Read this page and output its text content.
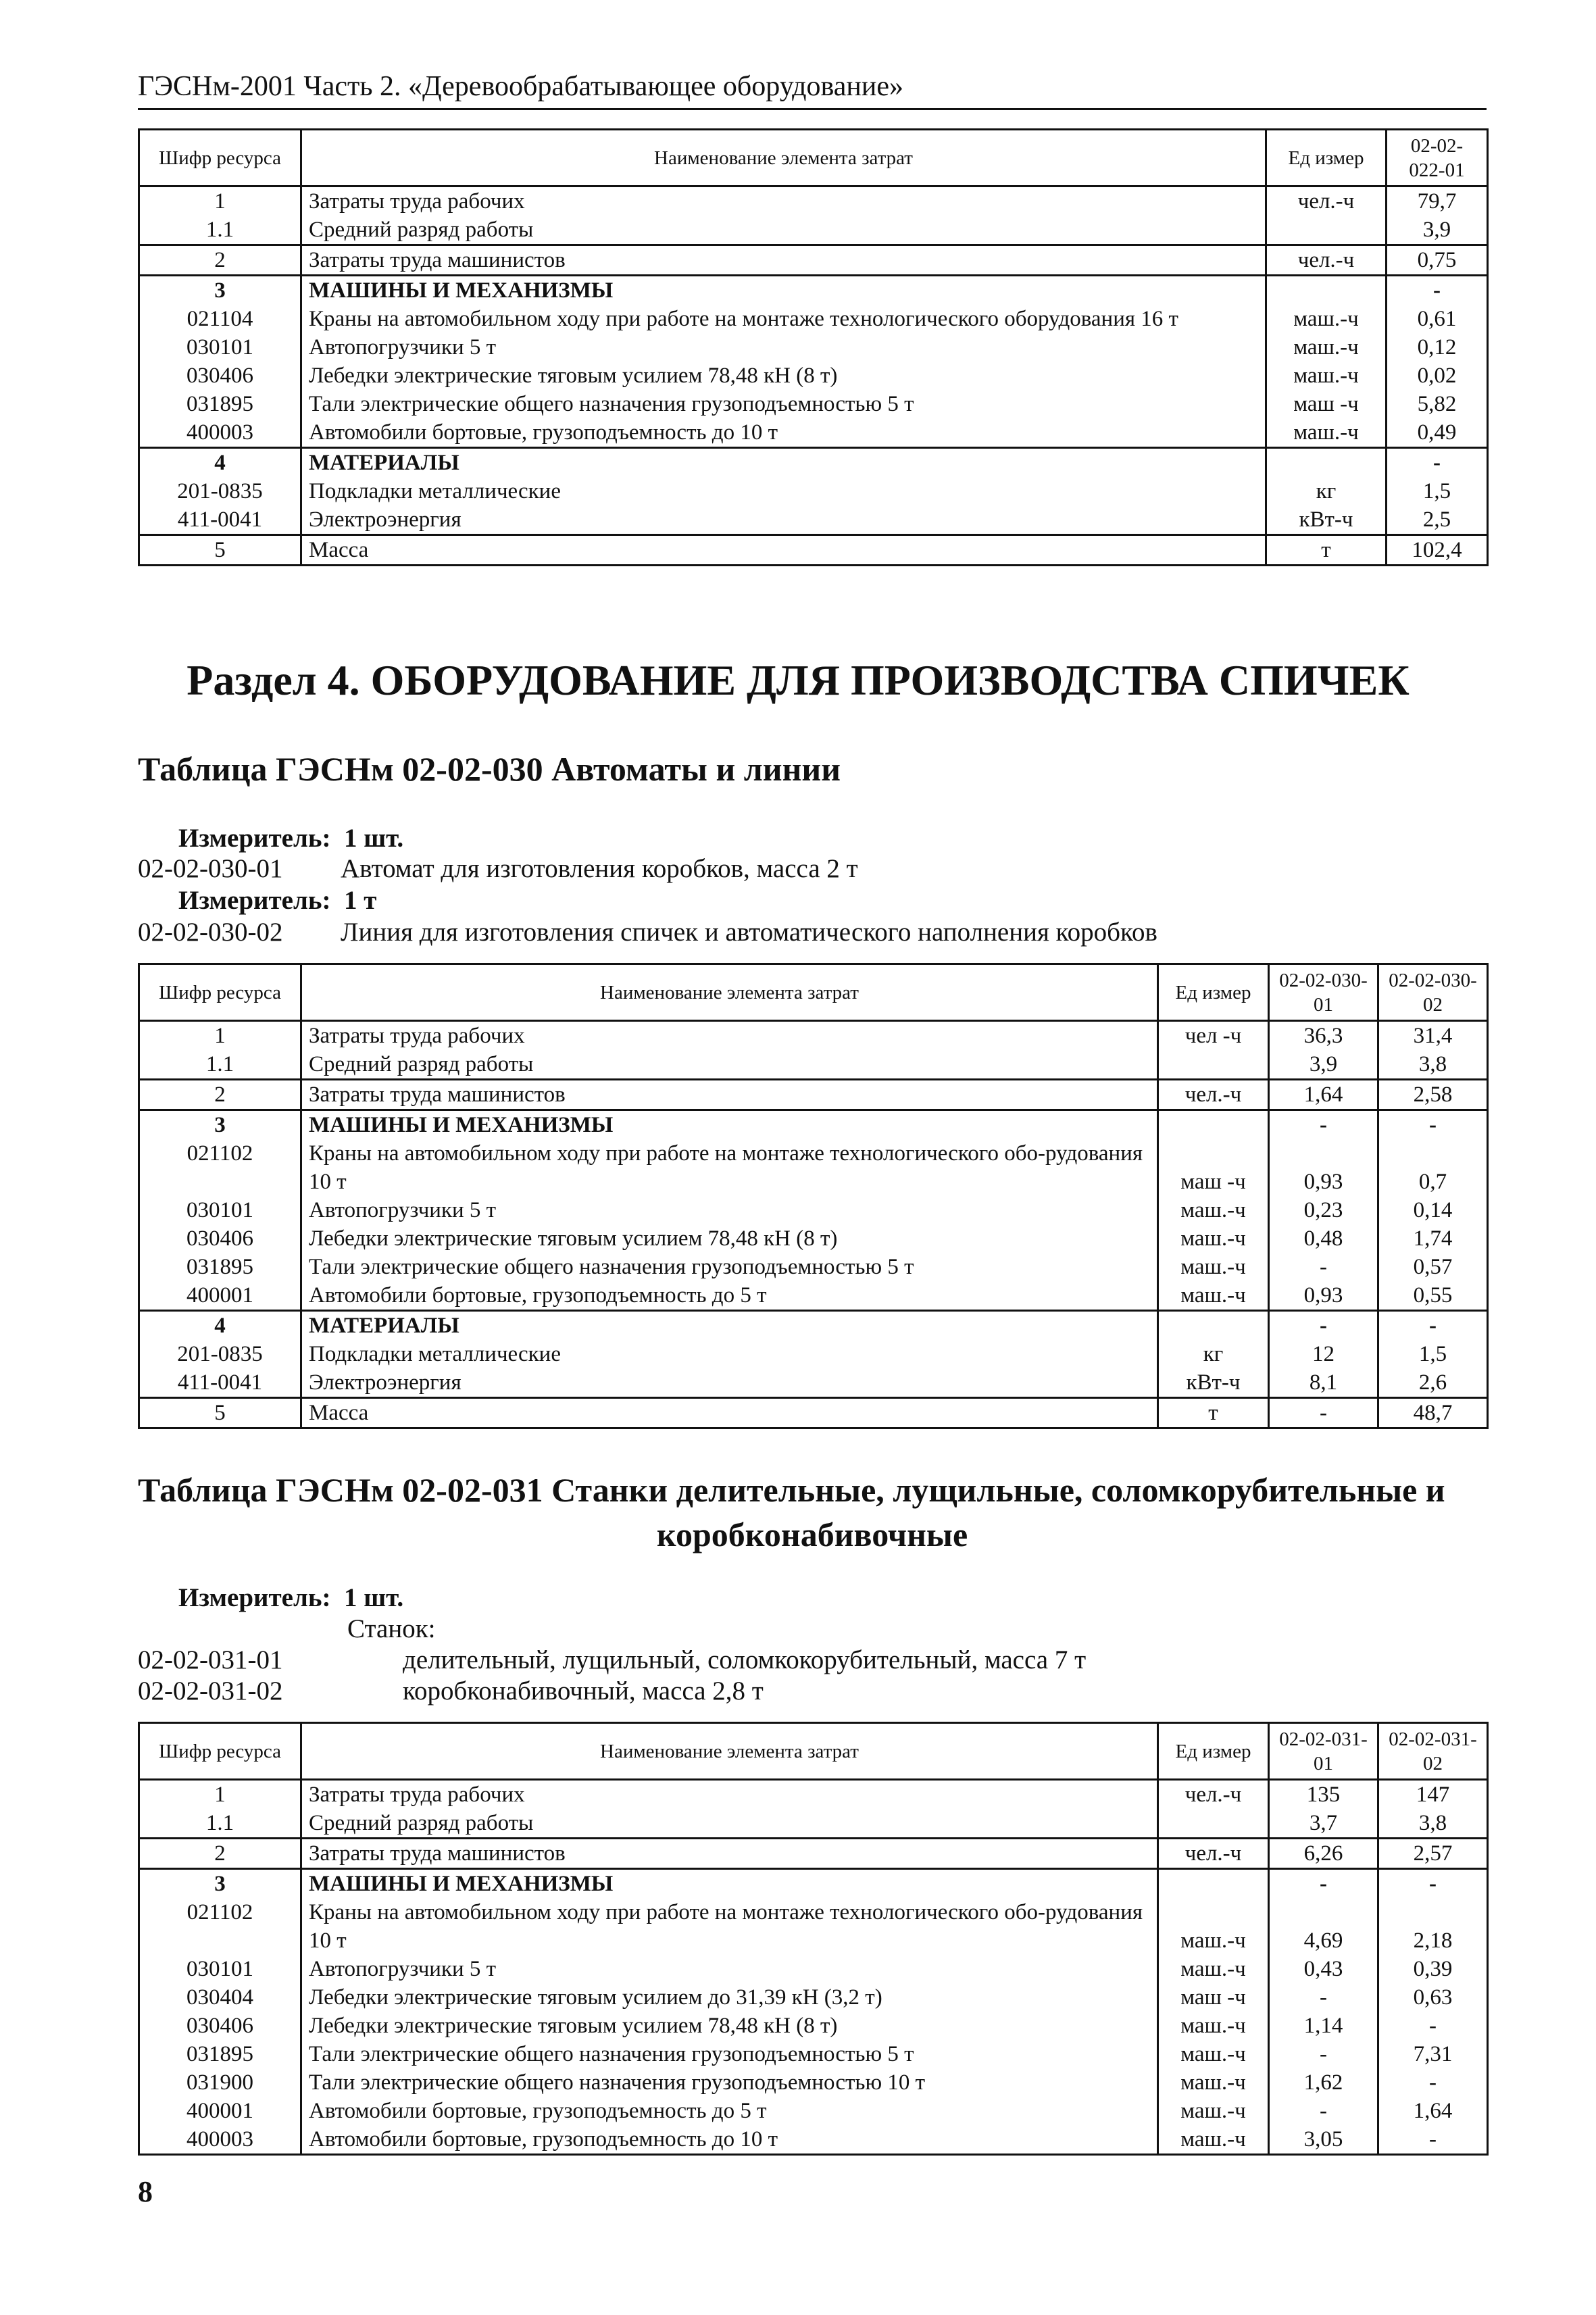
ГЭСНм-2001 Часть 2. «Деревообрабатывающее оборудование»
Шифр ресурса	Наименование элемента затрат	Ед измер	02-02-022-01
1	Затраты труда рабочих	чел.-ч	79,7
1.1	Средний разряд работы		3,9
2	Затраты труда машинистов	чел.-ч	0,75
3	МАШИНЫ И МЕХАНИЗМЫ		-
021104	Краны на автомобильном ходу при работе на монтаже технологического оборудования 16 т	маш.-ч	0,61
030101	Автопогрузчики 5 т	маш.-ч	0,12
030406	Лебедки электрические тяговым усилием 78,48 кН (8 т)	маш.-ч	0,02
031895	Тали электрические общего назначения грузоподъемностью 5 т	маш -ч	5,82
400003	Автомобили бортовые, грузоподъемность до 10 т	маш.-ч	0,49
4	МАТЕРИАЛЫ		-
201-0835	Подкладки металлические	кг	1,5
411-0041	Электроэнергия	кВт-ч	2,5
5	Масса	т	102,4
Раздел 4. ОБОРУДОВАНИЕ ДЛЯ ПРОИЗВОДСТВА СПИЧЕК
Таблица ГЭСНм 02-02-030 Автоматы и линии
Измеритель: 1 шт.
02-02-030-01 Автомат для изготовления коробков, масса 2 т
Измеритель: 1 т
02-02-030-02 Линия для изготовления спичек и автоматического наполнения коробков
Шифр ресурса	Наименование элемента затрат	Ед измер	02-02-030-01	02-02-030-02
1	Затраты труда рабочих	чел -ч	36,3	31,4
1.1	Средний разряд работы		3,9	3,8
2	Затраты труда машинистов	чел.-ч	1,64	2,58
3	МАШИНЫ И МЕХАНИЗМЫ		-	-
021102	Краны на автомобильном ходу при работе на монтаже технологического обо-рудования 10 т	маш -ч	0,93	0,7
030101	Автопогрузчики 5 т	маш.-ч	0,23	0,14
030406	Лебедки электрические тяговым усилием 78,48 кН (8 т)	маш.-ч	0,48	1,74
031895	Тали электрические общего назначения грузоподъемностью 5 т	маш.-ч	-	0,57
400001	Автомобили бортовые, грузоподъемность до 5 т	маш.-ч	0,93	0,55
4	МАТЕРИАЛЫ		-	-
201-0835	Подкладки металлические	кг	12	1,5
411-0041	Электроэнергия	кВт-ч	8,1	2,6
5	Масса	т	-	48,7
Таблица ГЭСНм 02-02-031 Станки делительные, лущильные, соломкорубительные и
коробконабивочные
Измеритель: 1 шт.
Станок:
02-02-031-01	делительный, лущильный, соломкокорубительный, масса 7 т
02-02-031-02	коробконабивочный, масса 2,8 т
Шифр ресурса	Наименование элемента затрат	Ед измер	02-02-031-01	02-02-031-02
1	Затраты труда рабочих	чел.-ч	135	147
1.1	Средний разряд работы		3,7	3,8
2	Затраты труда машинистов	чел.-ч	6,26	2,57
3	МАШИНЫ И МЕХАНИЗМЫ		-	-
021102	Краны на автомобильном ходу при работе на монтаже технологического обо-рудования 10 т	маш.-ч	4,69	2,18
030101	Автопогрузчики 5 т	маш.-ч	0,43	0,39
030404	Лебедки электрические тяговым усилием до 31,39 кН (3,2 т)	маш -ч	-	0,63
030406	Лебедки электрические тяговым усилием 78,48 кН (8 т)	маш.-ч	1,14	-
031895	Тали электрические общего назначения грузоподъемностью 5 т	маш.-ч	-	7,31
031900	Тали электрические общего назначения грузоподъемностью 10 т	маш.-ч	1,62	-
400001	Автомобили бортовые, грузоподъемность до 5 т	маш.-ч	-	1,64
400003	Автомобили бортовые, грузоподъемность до 10 т	маш.-ч	3,05	-
8
